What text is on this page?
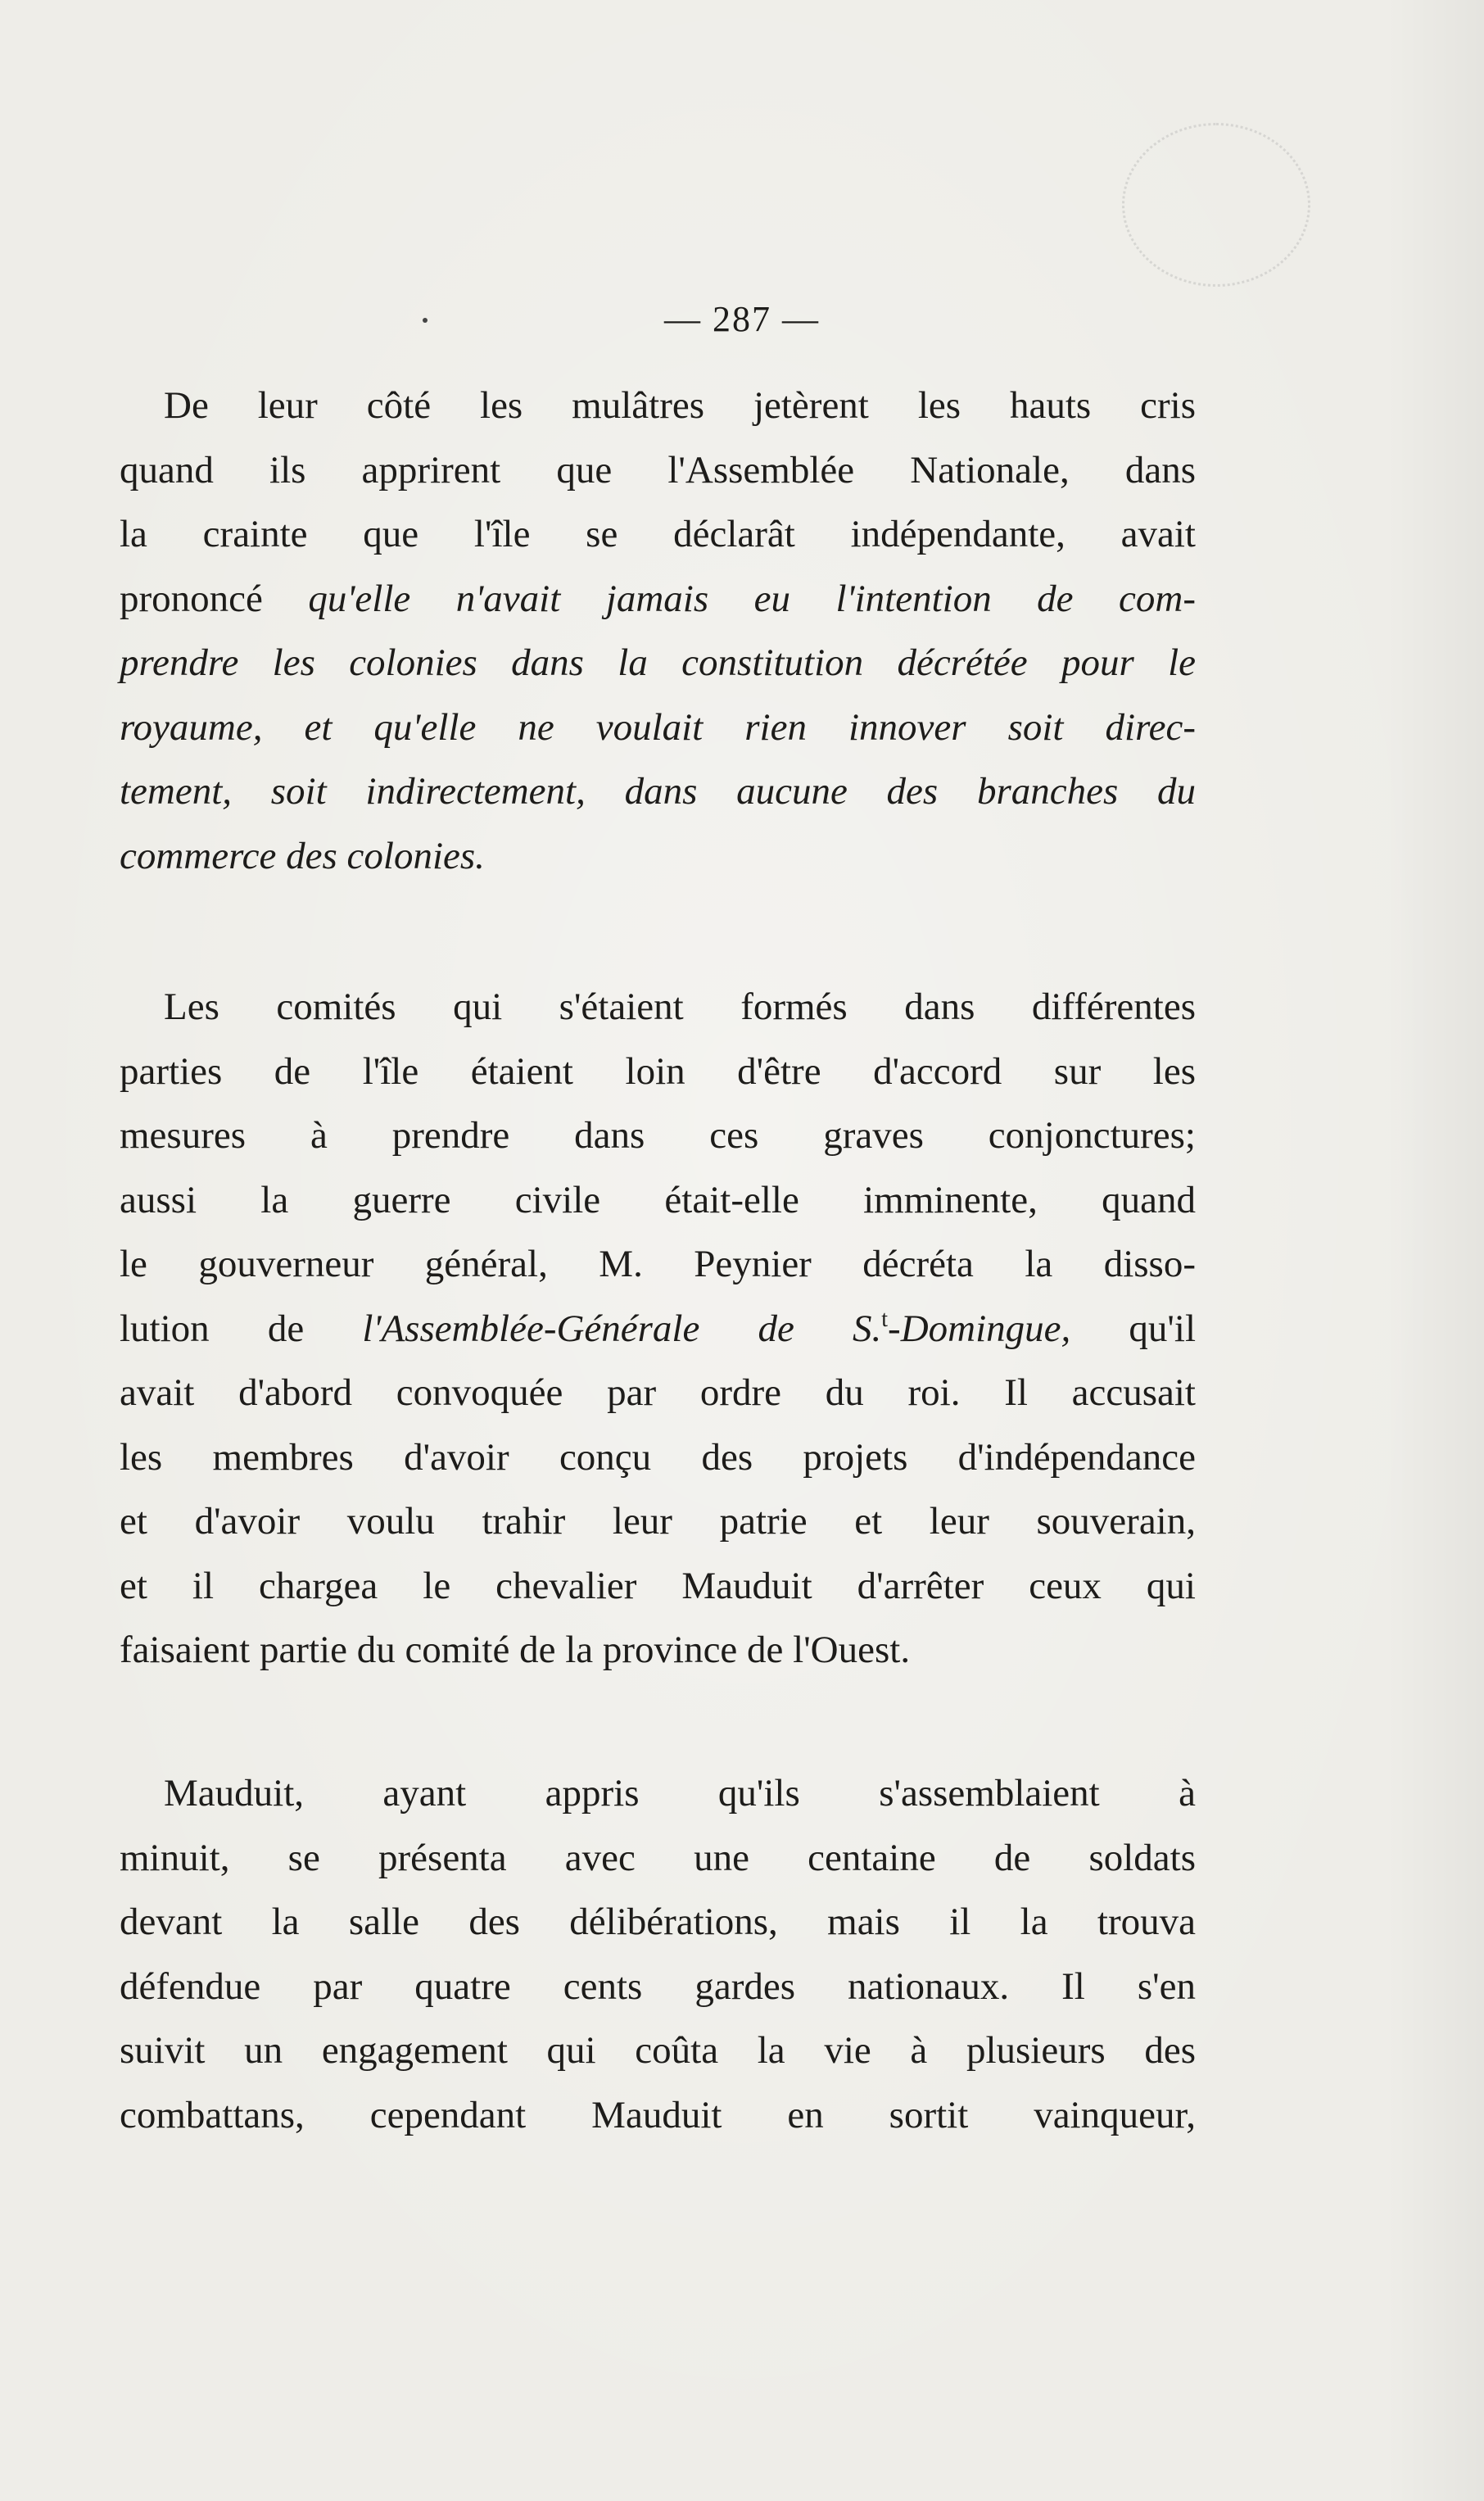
— 287 —
De leur côté les mulâtres jetèrent les hauts cris
quand ils apprirent que l'Assemblée Nationale, dans
la crainte que l'île se déclarât indépendante, avait
prononcé qu'elle n'avait jamais eu l'intention de com-
prendre les colonies dans la constitution décrétée pour le
royaume, et qu'elle ne voulait rien innover soit direc-
tement, soit indirectement, dans aucune des branches du
commerce des colonies.
Les comités qui s'étaient formés dans différentes
parties de l'île étaient loin d'être d'accord sur les
mesures à prendre dans ces graves conjonctures;
aussi la guerre civile était-elle imminente, quand
le gouverneur général, M. Peynier décréta la disso-
lution de l'Assemblée-Générale de S.$^t$-Domingue, qu'il
avait d'abord convoquée par ordre du roi. Il accusait
les membres d'avoir conçu des projets d'indépendance
et d'avoir voulu trahir leur patrie et leur souverain,
et il chargea le chevalier Mauduit d'arrêter ceux qui
faisaient partie du comité de la province de l'Ouest.
Mauduit, ayant appris qu'ils s'assemblaient à
minuit, se présenta avec une centaine de soldats
devant la salle des délibérations, mais il la trouva
défendue par quatre cents gardes nationaux. Il s'en
suivit un engagement qui coûta la vie à plusieurs des
combattans, cependant Mauduit en sortit vainqueur,
